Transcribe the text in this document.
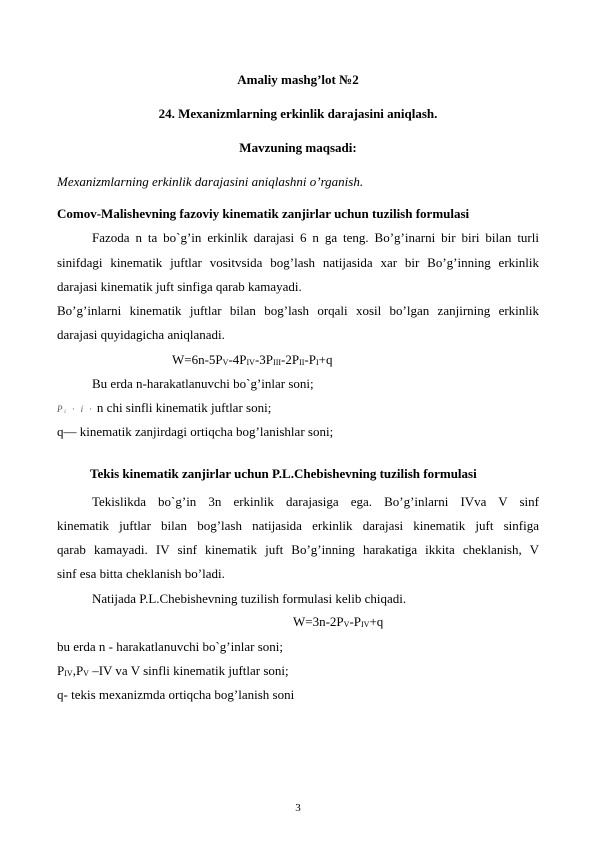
Amaliy mashg’lot №2
24. Mexanizmlarning erkinlik darajasini aniqlash.
Mavzuning maqsadi:
Mexanizmlarning erkinlik darajasini aniqlashni o’rganish.
Comov-Malishevning fazoviy kinematik zanjirlar uchun tuzilish formulasi
Fazoda n ta bo`g’in erkinlik darajasi 6 n ga teng. Bo’g’inarni bir biri bilan turli
sinifdagi kinematik juftlar vositvsida bog’lash natijasida xar bir Bo’g’inning erkinlik
darajasi kinematik juft sinfiga qarab kamayadi.
Bo’g’inlarni kinematik juftlar bilan bog’lash orqali xosil bo’lgan zanjirning erkinlik
darajasi quyidagicha aniqlanadi.
$W=6n-5P_V-4P_{IV}-3P_{III}-2P_{II}-P_I+q$
Bu erda n-harakatlanuvchi bo`g’inlar soni;
Pᵢ · i · n chi sinfli kinematik juftlar soni;
q— kinematik zanjirdagi ortiqcha bog’lanishlar soni;
Tekis kinematik zanjirlar uchun P.L.Chebishevning tuzilish formulasi
Tekislikda bo`g’in 3n erkinlik darajasiga ega. Bo’g’inlarni IVva V sinf
kinematik juftlar bilan bog’lash natijasida erkinlik darajasi kinematik juft sinfiga
qarab kamayadi. IV sinf kinematik juft Bo’g’inning harakatiga ikkita cheklanish, V
sinf esa bitta cheklanish bo’ladi.
Natijada P.L.Chebishevning tuzilish formulasi kelib chiqadi.
$W=3n-2P_V-P_{IV}+q$
bu erda n - harakatlanuvchi bo`g’inlar soni;
$P_{IV},P_V$ –IV va V sinfli kinematik juftlar soni;
q- tekis mexanizmda ortiqcha bog’lanish soni
3
